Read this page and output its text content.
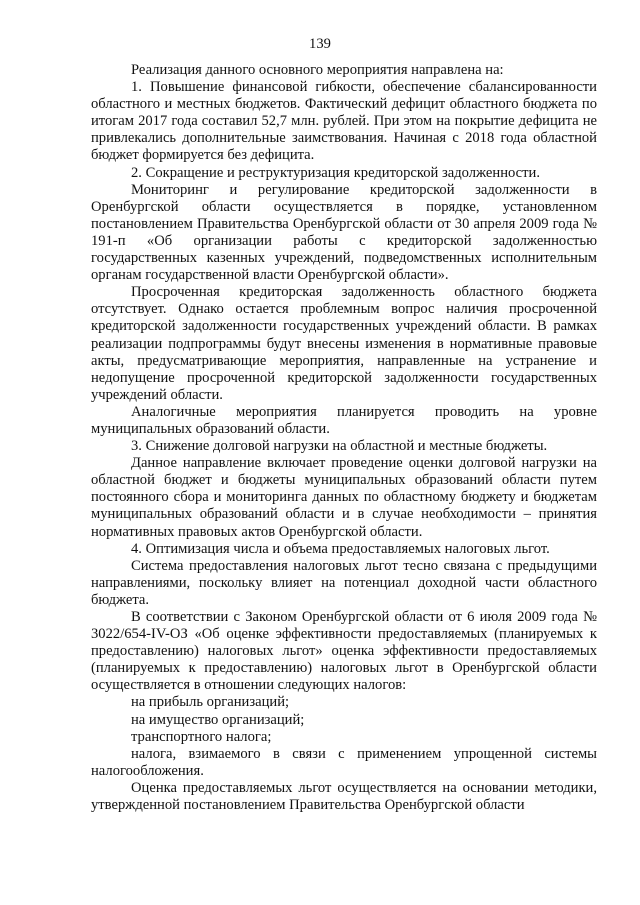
139

Реализация данного основного мероприятия направлена на:

1. Повышение финансовой гибкости, обеспечение сбалансированности областного и местных бюджетов. Фактический дефицит областного бюджета по итогам 2017 года составил 52,7 млн. рублей. При этом на покрытие дефицита не привлекались дополнительные заимствования. Начиная с 2018 года областной бюджет формируется без дефицита.

2. Сокращение и реструктуризация кредиторской задолженности.

Мониторинг и регулирование кредиторской задолженности в Оренбургской области осуществляется в порядке, установленном постановлением Правительства Оренбургской области от 30 апреля 2009 года № 191-п «Об организации работы с кредиторской задолженностью государственных казенных учреждений, подведомственных исполнительным органам государственной власти Оренбургской области».

Просроченная кредиторская задолженность областного бюджета отсутствует. Однако остается проблемным вопрос наличия просроченной кредиторской задолженности государственных учреждений области. В рамках реализации подпрограммы будут внесены изменения в нормативные правовые акты, предусматривающие мероприятия, направленные на устранение и недопущение просроченной кредиторской задолженности государственных учреждений области.

Аналогичные мероприятия планируется проводить на уровне муниципальных образований области.

3. Снижение долговой нагрузки на областной и местные бюджеты.

Данное направление включает проведение оценки долговой нагрузки на областной бюджет и бюджеты муниципальных образований области путем постоянного сбора и мониторинга данных по областному бюджету и бюджетам муниципальных образований области и в случае необходимости – принятия нормативных правовых актов Оренбургской области.

4. Оптимизация числа и объема предоставляемых налоговых льгот.

Система предоставления налоговых льгот тесно связана с предыдущими направлениями, поскольку влияет на потенциал доходной части областного бюджета.

В соответствии с Законом Оренбургской области от 6 июля 2009 года № 3022/654-IV-ОЗ «Об оценке эффективности предоставляемых (планируемых к предоставлению) налоговых льгот» оценка эффективности предоставляемых (планируемых к предоставлению) налоговых льгот в Оренбургской области осуществляется в отношении следующих налогов:

на прибыль организаций;

на имущество организаций;

транспортного налога;

налога, взимаемого в связи с применением упрощенной системы налогообложения.

Оценка предоставляемых льгот осуществляется на основании методики, утвержденной постановлением Правительства Оренбургской области
